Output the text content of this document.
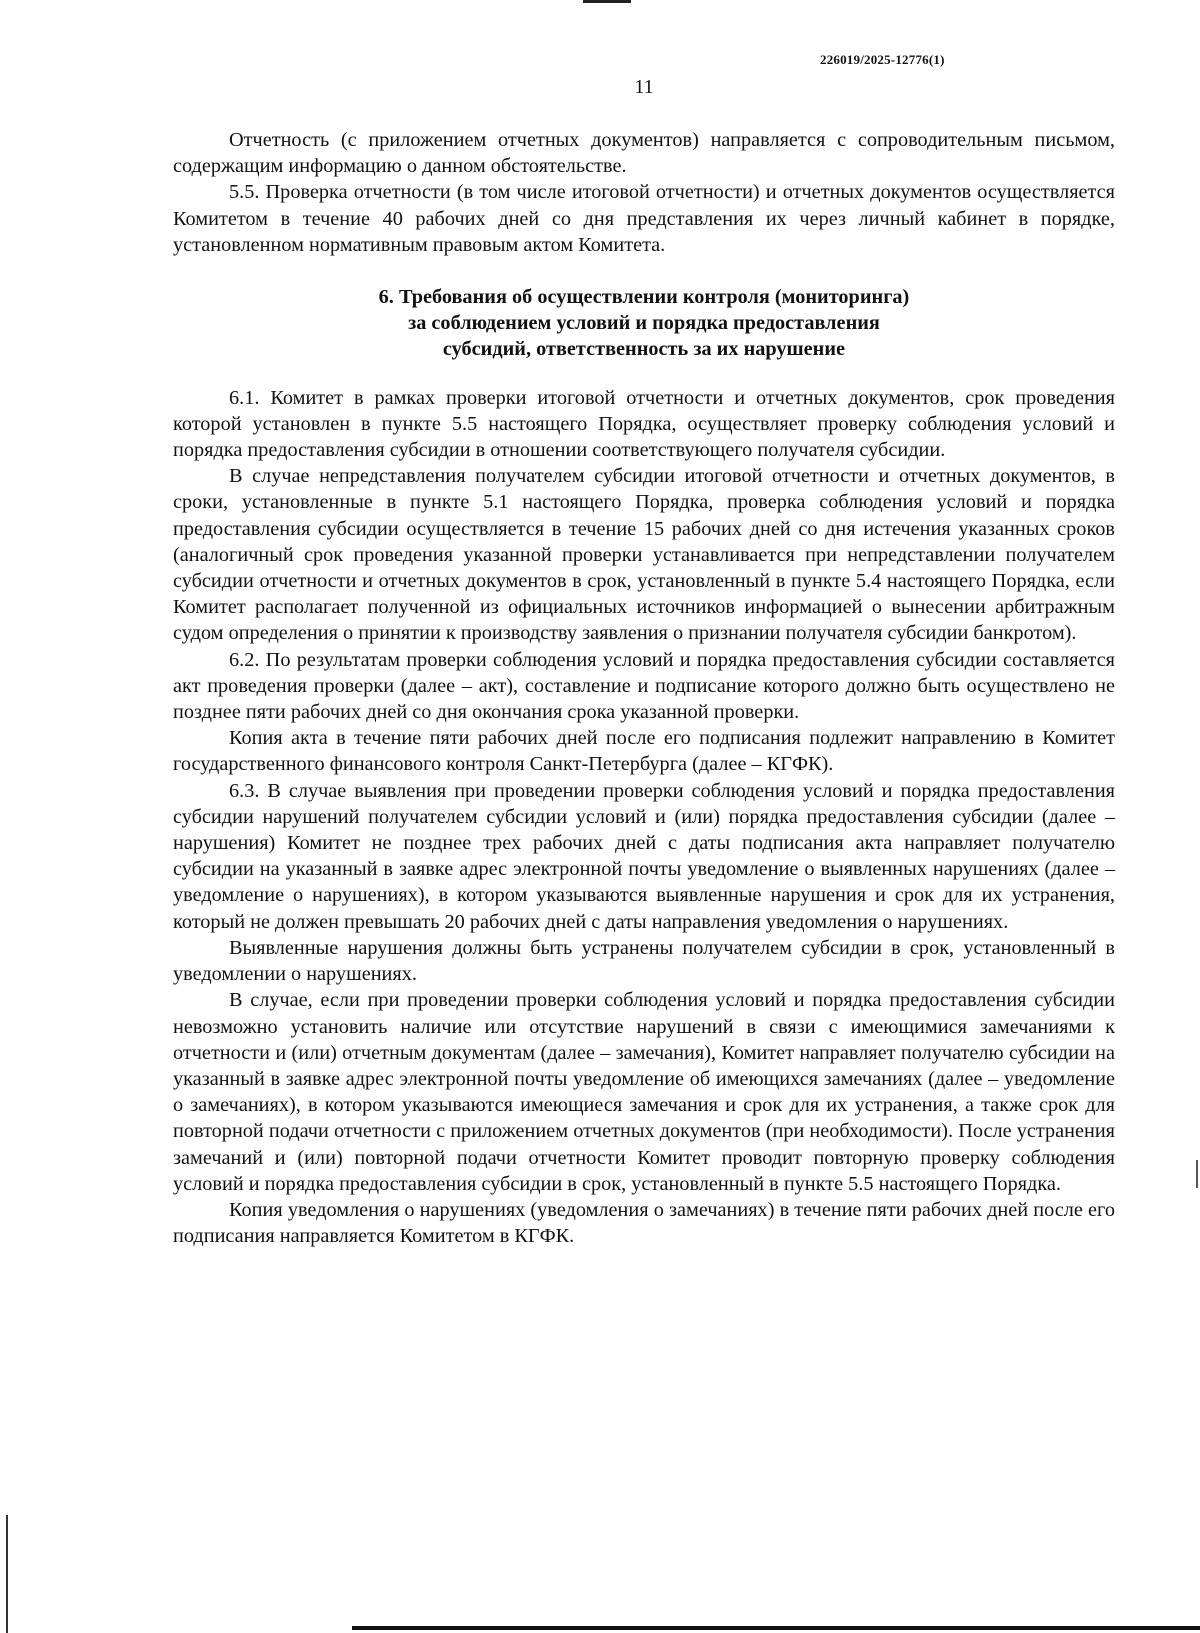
226019/2025-12776(1)
11

Отчетность (с приложением отчетных документов) направляется с сопроводительным письмом, содержащим информацию о данном обстоятельстве.

5.5. Проверка отчетности (в том числе итоговой отчетности) и отчетных документов осуществляется Комитетом в течение 40 рабочих дней со дня представления их через личный кабинет в порядке, установленном нормативным правовым актом Комитета.

6. Требования об осуществлении контроля (мониторинга)
за соблюдением условий и порядка предоставления
субсидий, ответственность за их нарушение

6.1. Комитет в рамках проверки итоговой отчетности и отчетных документов, срок проведения которой установлен в пункте 5.5 настоящего Порядка, осуществляет проверку соблюдения условий и порядка предоставления субсидии в отношении соответствующего получателя субсидии.

В случае непредставления получателем субсидии итоговой отчетности и отчетных документов, в сроки, установленные в пункте 5.1 настоящего Порядка, проверка соблюдения условий и порядка предоставления субсидии осуществляется в течение 15 рабочих дней со дня истечения указанных сроков (аналогичный срок проведения указанной проверки устанавливается при непредставлении получателем субсидии отчетности и отчетных документов в срок, установленный в пункте 5.4 настоящего Порядка, если Комитет располагает полученной из официальных источников информацией о вынесении арбитражным судом определения о принятии к производству заявления о признании получателя субсидии банкротом).

6.2. По результатам проверки соблюдения условий и порядка предоставления субсидии составляется акт проведения проверки (далее – акт), составление и подписание которого должно быть осуществлено не позднее пяти рабочих дней со дня окончания срока указанной проверки.

Копия акта в течение пяти рабочих дней после его подписания подлежит направлению в Комитет государственного финансового контроля Санкт-Петербурга (далее – КГФК).

6.3. В случае выявления при проведении проверки соблюдения условий и порядка предоставления субсидии нарушений получателем субсидии условий и (или) порядка предоставления субсидии (далее – нарушения) Комитет не позднее трех рабочих дней с даты подписания акта направляет получателю субсидии на указанный в заявке адрес электронной почты уведомление о выявленных нарушениях (далее – уведомление о нарушениях), в котором указываются выявленные нарушения и срок для их устранения, который не должен превышать 20 рабочих дней с даты направления уведомления о нарушениях.

Выявленные нарушения должны быть устранены получателем субсидии в срок, установленный в уведомлении о нарушениях.

В случае, если при проведении проверки соблюдения условий и порядка предоставления субсидии невозможно установить наличие или отсутствие нарушений в связи с имеющимися замечаниями к отчетности и (или) отчетным документам (далее – замечания), Комитет направляет получателю субсидии на указанный в заявке адрес электронной почты уведомление об имеющихся замечаниях (далее – уведомление о замечаниях), в котором указываются имеющиеся замечания и срок для их устранения, а также срок для повторной подачи отчетности с приложением отчетных документов (при необходимости). После устранения замечаний и (или) повторной подачи отчетности Комитет проводит повторную проверку соблюдения условий и порядка предоставления субсидии в срок, установленный в пункте 5.5 настоящего Порядка.

Копия уведомления о нарушениях (уведомления о замечаниях) в течение пяти рабочих дней после его подписания направляется Комитетом в КГФК.
